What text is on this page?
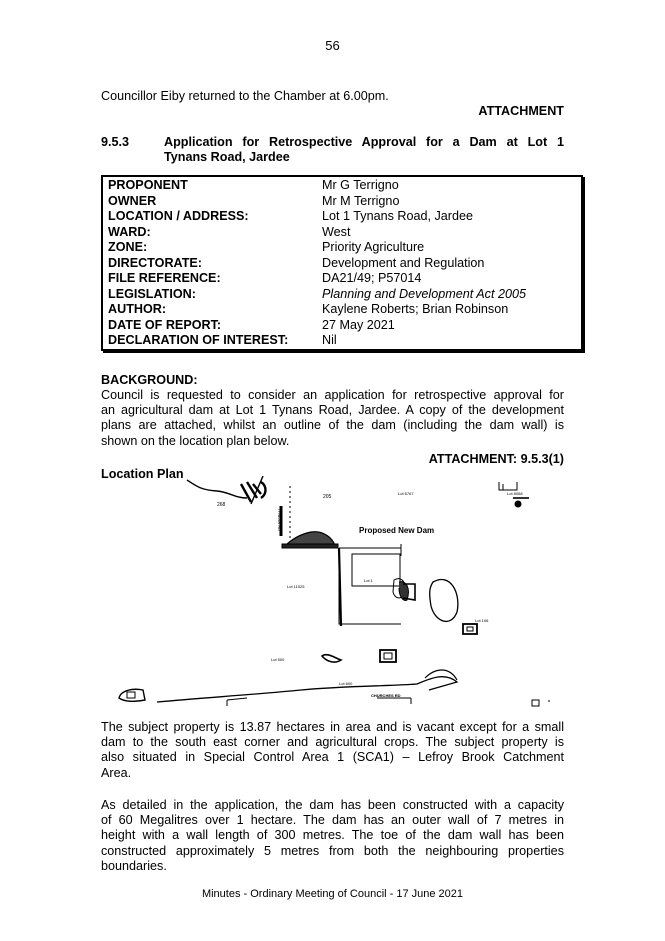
56
Councillor Eiby returned to the Chamber at 6.00pm.
ATTACHMENT
9.5.3	Application for Retrospective Approval for a Dam at Lot 1
Tynans Road, Jardee
PROPONENT	Mr G Terrigno
OWNER	Mr M Terrigno
LOCATION / ADDRESS:	Lot 1 Tynans Road, Jardee
WARD:	West
ZONE:	Priority Agriculture
DIRECTORATE:	Development and Regulation
FILE REFERENCE:	DA21/49; P57014
LEGISLATION:	Planning and Development Act 2005
AUTHOR:	Kaylene Roberts; Brian Robinson
DATE OF REPORT:	27 May 2021
DECLARATION OF INTEREST:	Nil
BACKGROUND:
Council is requested to consider an application for retrospective approval for
an agricultural dam at Lot 1 Tynans Road, Jardee. A copy of the development
plans are attached, whilst an outline of the dam (including the dam wall) is
shown on the location plan below.
ATTACHMENT: 9.5.3(1)
Location Plan
205
268
Lot 6767	Lot 8068
Lot 11025
Lot 1
Lot 106
Lot 500
Lot 600
CHURCHES RD
TYNANS RD	Proposed New Dam
The subject property is 13.87 hectares in area and is vacant except for a small
dam to the south east corner and agricultural crops. The subject property is
also situated in Special Control Area 1 (SCA1) – Lefroy Brook Catchment
Area.
As detailed in the application, the dam has been constructed with a capacity
of 60 Megalitres over 1 hectare. The dam has an outer wall of 7 metres in
height with a wall length of 300 metres. The toe of the dam wall has been
constructed approximately 5 metres from both the neighbouring properties
boundaries.
Minutes - Ordinary Meeting of Council - 17 June 2021
